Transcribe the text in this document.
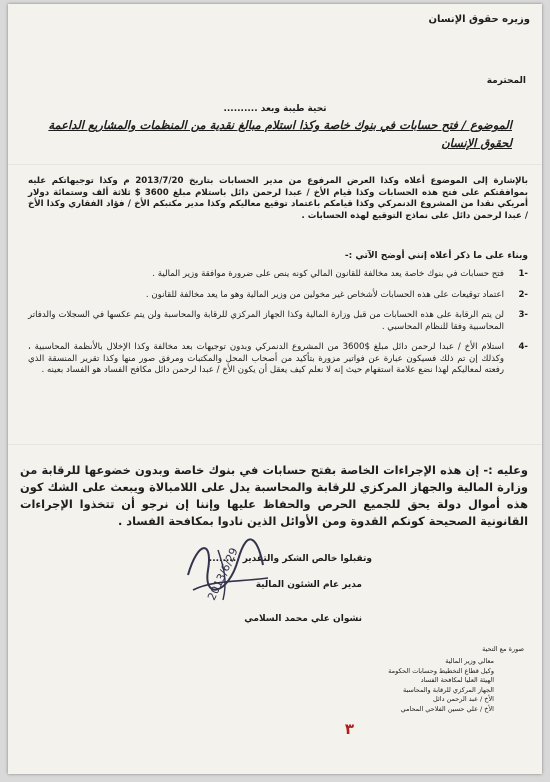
وزيره حقوق الإنسان
المحترمة
تحية طيبة وبعد ..........
الموضوع / فتح حسابات في بنوك خاصة وكذا استلام مبالغ نقدية من المنظمات والمشاريع الداعمة لحقوق الإنسان
بالإشارة إلى الموضوع أعلاه وكذا العرض المرفوع من مدير الحسابات بتاريخ 2013/7/20 م وكذا توجيهاتكم عليه بموافقتكم على فتح هذه الحسابات وكذا قيام الأخ / عبدا لرحمن دائل باستلام مبلغ 3600 $ ثلاثة ألف وستمائة دولار أمريكي نقدا من المشروع الدنمركي وكذا قيامكم باعتماد توقيع معاليكم وكذا مدير مكتبكم الأخ / فؤاد الفقاري وكذا الأخ / عبدا لرحمن دائل على نماذج التوقيع لهذه الحسابات .
وبناء على ما ذكر أعلاه إنني أوضح الآتي :-
-1
فتح حسابات في بنوك خاصة يعد مخالفة للقانون المالي كونه ينص على ضرورة موافقة وزير المالية .
-2
اعتماد توقيعات على هذه الحسابات لأشخاص غير مخولين من وزير المالية وهو ما يعد مخالفة للقانون .
-3
لن يتم الرقابة على هذه الحسابات من قبل وزارة المالية وكذا الجهاز المركزي للرقابة والمحاسبة ولن يتم عكسها في السجلات والدفاتر المحاسبية وفقا للنظام المحاسبي .
-4
استلام الأخ / عبدا لرحمن دائل مبلغ $3600 من المشروع الدنمركي وبدون توجيهات بعد مخالفة وكذا الإخلال بالأنظمة المحاسبية ، وكذلك إن تم ذلك فسيكون عبارة عن فواتير مزورة بتأكيد من أصحاب المحل والمكتبات ومرفق صور منها وكذا تقرير المنسقة الذي رفعته لمعاليكم لهذا نضع علامة استفهام حيث إنه لا نعلم كيف يعقل أن يكون الأخ / عبدا لرحمن دائل مكافح الفساد هو الفساد بعينه .
وعليه :- إن هذه الإجراءات الخاصة بفتح حسابات في بنوك خاصة وبدون خضوعها للرقابة من وزارة المالية والجهاز المركزي للرقابة والمحاسبة يدل على اللامبالاة ويبعث على الشك كون هذه أموال دولة يحق للجميع الحرص والحفاظ عليها وإننا إن نرجو أن تتخذوا الإجراءات القانونية الصحيحة كونكم القدوة ومن الأوائل الذين نادوا بمكافحة الفساد .
وتقبلوا خالص الشكر والتقدير .........
مدير عام الشئون المالية
نشوان علي محمد السلامي
2013/6/29
صورة مع التحية
معالي وزير المالية
وكيل قطاع التخطيط وحسابات الحكومة
الهيئة العليا لمكافحة الفساد
الجهاز المركزي للرقابة والمحاسبة
الأخ / عبد الرحمن دائل
الأخ / علي حسين الفلاحي المحامي
٣
